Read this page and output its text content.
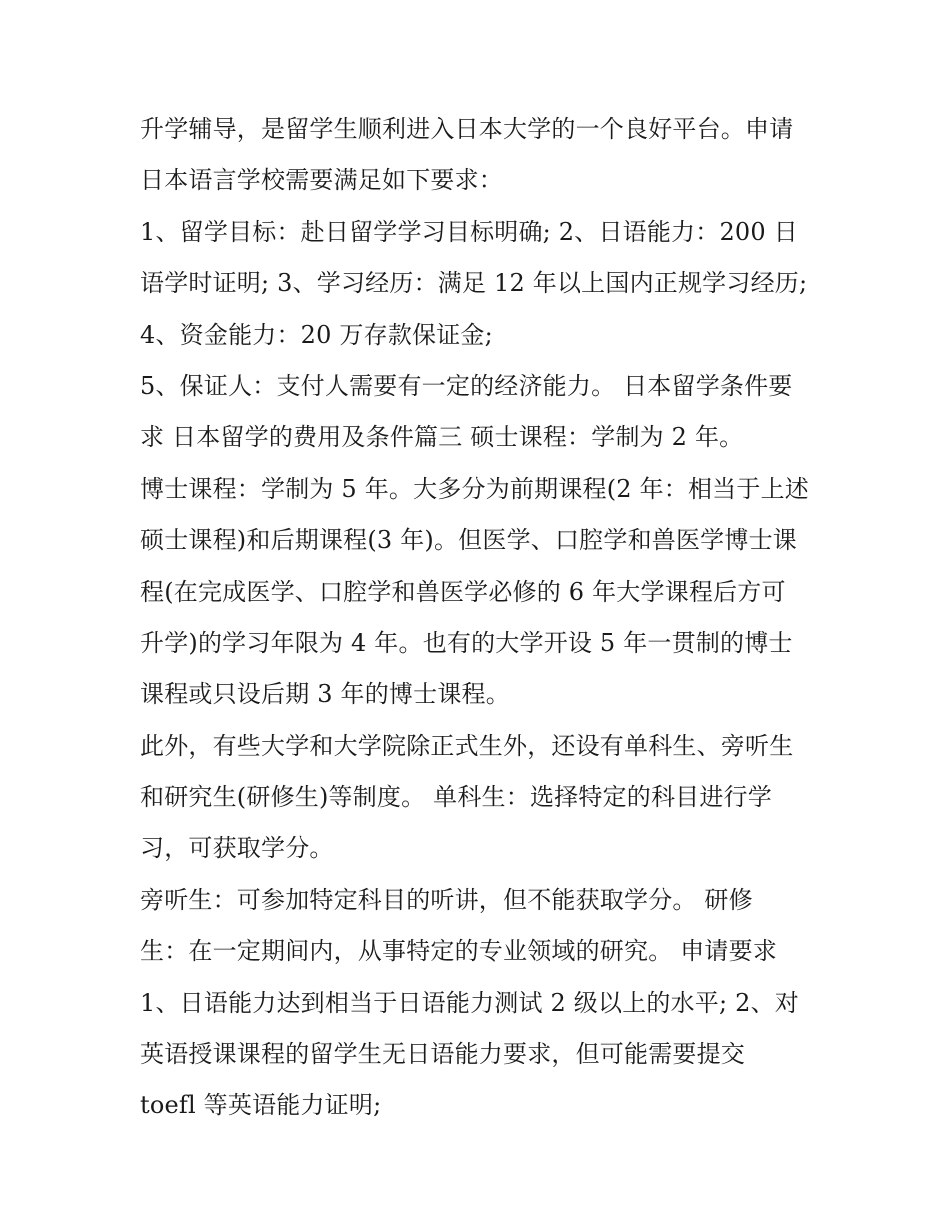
升学辅导，是留学生顺利进入日本大学的一个良好平台。申请
日本语言学校需要满足如下要求：
1、留学目标：赴日留学学习目标明确; 2、日语能力：200 日
语学时证明; 3、学习经历：满足 12 年以上国内正规学习经历;
4、资金能力：20 万存款保证金;
5、保证人：支付人需要有一定的经济能力。 日本留学条件要
求 日本留学的费用及条件篇三 硕士课程：学制为 2 年。
博士课程：学制为 5 年。大多分为前期课程(2 年：相当于上述
硕士课程)和后期课程(3 年)。但医学、口腔学和兽医学博士课
程(在完成医学、口腔学和兽医学必修的 6 年大学课程后方可
升学)的学习年限为 4 年。也有的大学开设 5 年一贯制的博士
课程或只设后期 3 年的博士课程。
此外，有些大学和大学院除正式生外，还设有单科生、旁听生
和研究生(研修生)等制度。 单科生：选择特定的科目进行学
习，可获取学分。
旁听生：可参加特定科目的听讲，但不能获取学分。 研修
生：在一定期间内，从事特定的专业领域的研究。 申请要求
1、日语能力达到相当于日语能力测试 2 级以上的水平; 2、对
英语授课课程的留学生无日语能力要求，但可能需要提交
toefl 等英语能力证明;
